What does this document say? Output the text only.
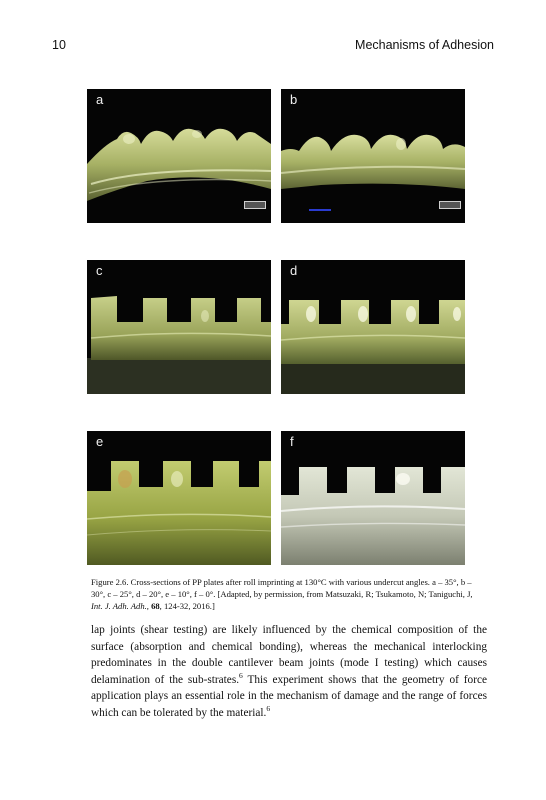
10	Mechanisms of Adhesion
a	b
c	d
e	f
Figure 2.6. Cross-sections of PP plates after roll imprinting at 130°C with various undercut angles. a – 35°, b – 30°, c – 25°, d – 20°, e – 10°, f – 0°. [Adapted, by permission, from Matsuzaki, R; Tsukamoto, N; Taniguchi, J, Int. J. Adh. Adh., 68, 124-32, 2016.]
lap joints (shear testing) are likely influenced by the chemical composition of the surface (absorption and chemical bonding), whereas the mechanical interlocking predominates in the double cantilever beam joints (mode I testing) which causes delamination of the sub-strates.$^6$ This experiment shows that the geometry of force application plays an essential role in the mechanism of damage and the range of forces which can be tolerated by the material.$^6$
